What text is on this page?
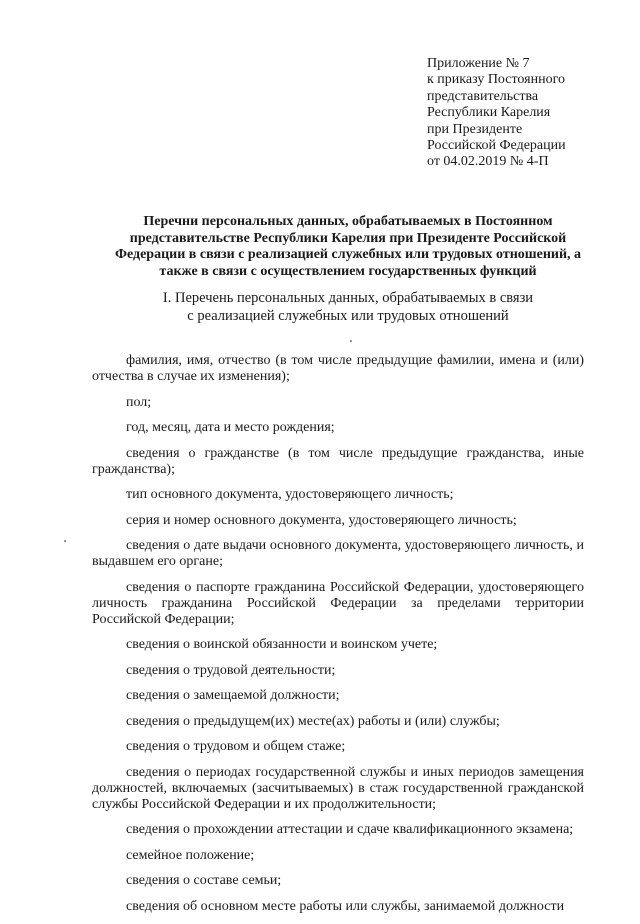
Приложение № 7
к приказу Постоянного
представительства
Республики Карелия
при Президенте
Российской Федерации
от 04.02.2019 № 4-П
Перечни персональных данных, обрабатываемых в Постоянном
представительстве Республики Карелия при Президенте Российской
Федерации в связи с реализацией служебных или трудовых отношений, а
также в связи с осуществлением государственных функций
I. Перечень персональных данных, обрабатываемых в связи
с реализацией служебных или трудовых отношений

фамилия, имя, отчество (в том числе предыдущие фамилии, имена и (или) отчества в случае их изменения);

пол;

год, месяц, дата и место рождения;

сведения о гражданстве (в том числе предыдущие гражданства, иные гражданства);

тип основного документа, удостоверяющего личность;

серия и номер основного документа, удостоверяющего личность;

сведения о дате выдачи основного документа, удостоверяющего личность, и выдавшем его органе;

сведения о паспорте гражданина Российской Федерации, удостоверяющего личность гражданина Российской Федерации за пределами территории Российской Федерации;

сведения о воинской обязанности и воинском учете;

сведения о трудовой деятельности;

сведения о замещаемой должности;

сведения о предыдущем(их) месте(ах) работы и (или) службы;

сведения о трудовом и общем стаже;

сведения о периодах государственной службы и иных периодов замещения должностей, включаемых (засчитываемых) в стаж государственной гражданской службы Российской Федерации и их продолжительности;

сведения о прохождении аттестации и сдаче квалификационного экзамена;

семейное положение;

сведения о составе семьи;

сведения об основном месте работы или службы, занимаемой должности
